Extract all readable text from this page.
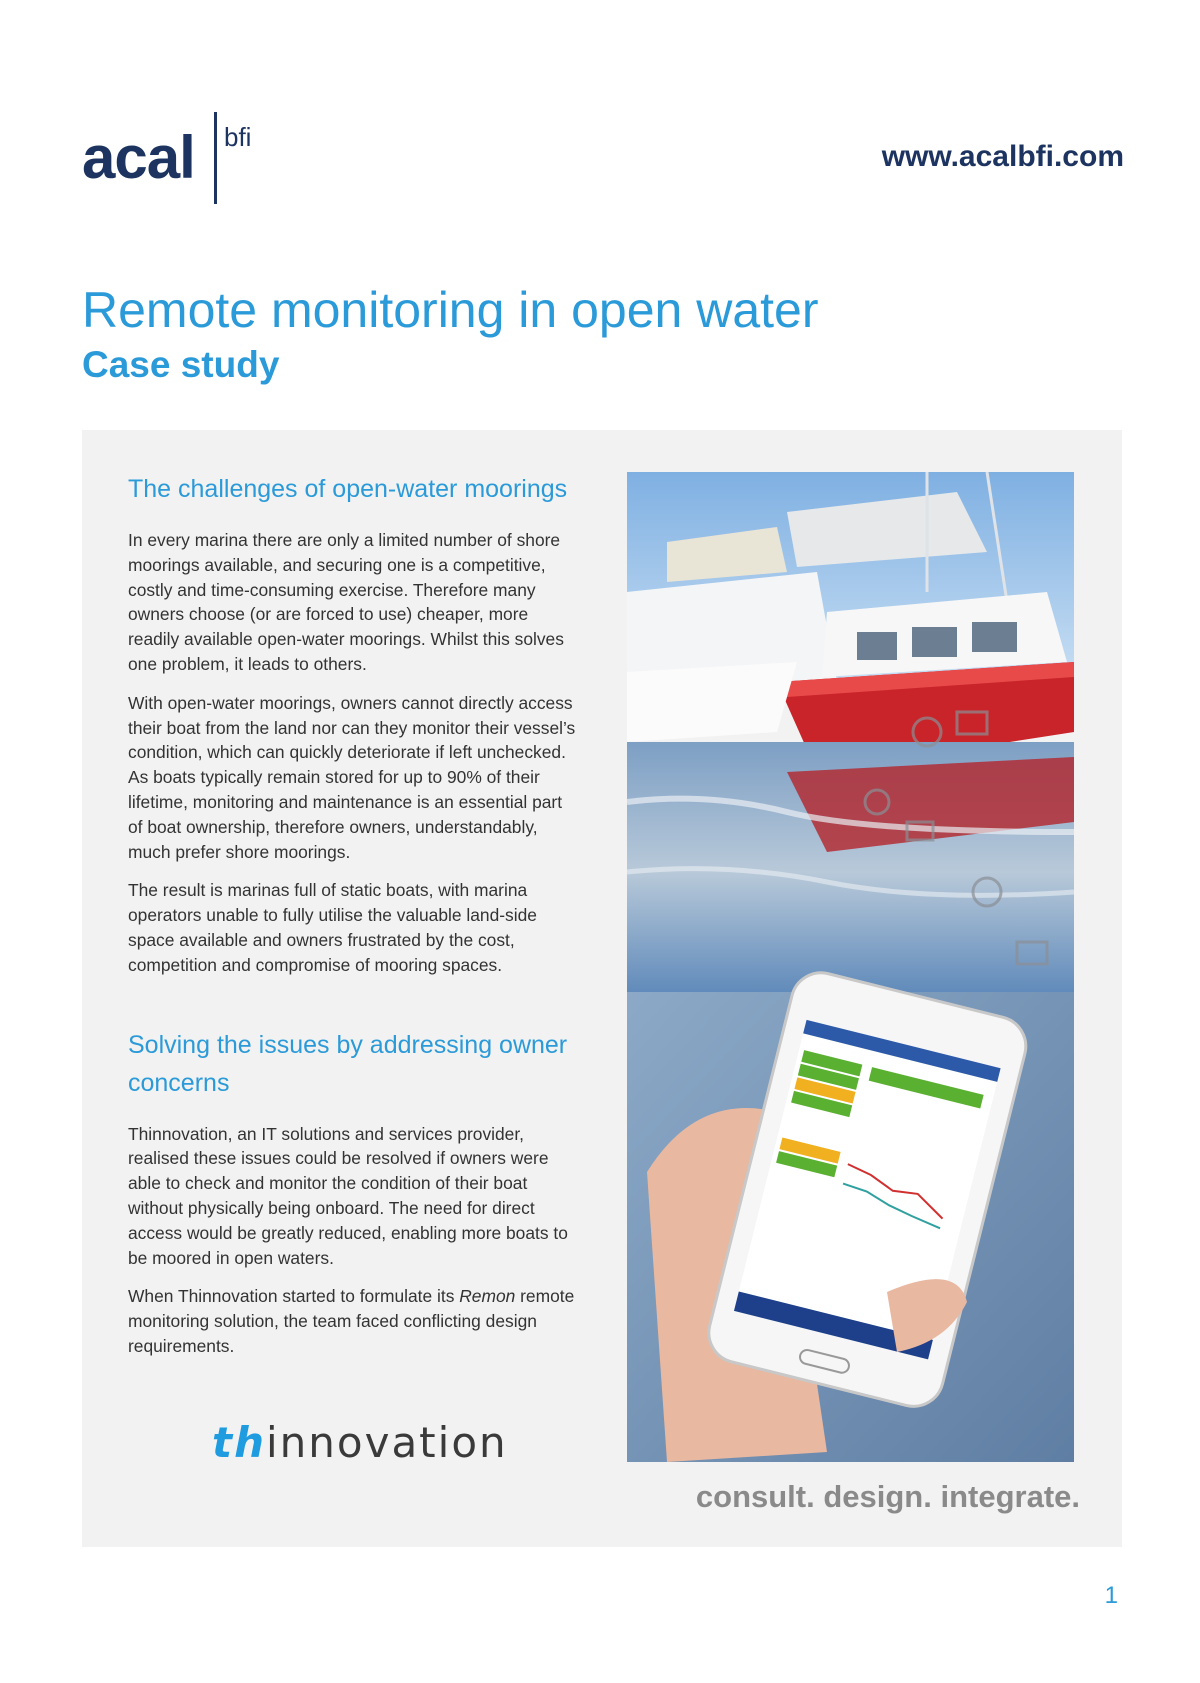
acal bfi
www.acalbfi.com
Remote monitoring in open water
Case study
The challenges of open-water moorings

In every marina there are only a limited number of shore moorings available, and securing one is a competitive, costly and time-consuming exercise. Therefore many owners choose (or are forced to use) cheaper, more readily available open-water moorings. Whilst this solves one problem, it leads to others.

With open-water moorings, owners cannot directly access their boat from the land nor can they monitor their vessel’s condition, which can quickly deteriorate if left unchecked. As boats typically remain stored for up to 90% of their lifetime, monitoring and maintenance is an essential part of boat ownership, therefore owners, understandably, much prefer shore moorings.

The result is marinas full of static boats, with marina operators unable to fully utilise the valuable land-side space available and owners frustrated by the cost, competition and compromise of mooring spaces.

Solving the issues by addressing owner concerns

Thinnovation, an IT solutions and services provider, realised these issues could be resolved if owners were able to check and monitor the condition of their boat without physically being onboard. The need for direct access would be greatly reduced, enabling more boats to be moored in open waters.

When Thinnovation started to formulate its Remon remote monitoring solution, the team faced conflicting design requirements.

thinnovation
consult. design. integrate.
1
